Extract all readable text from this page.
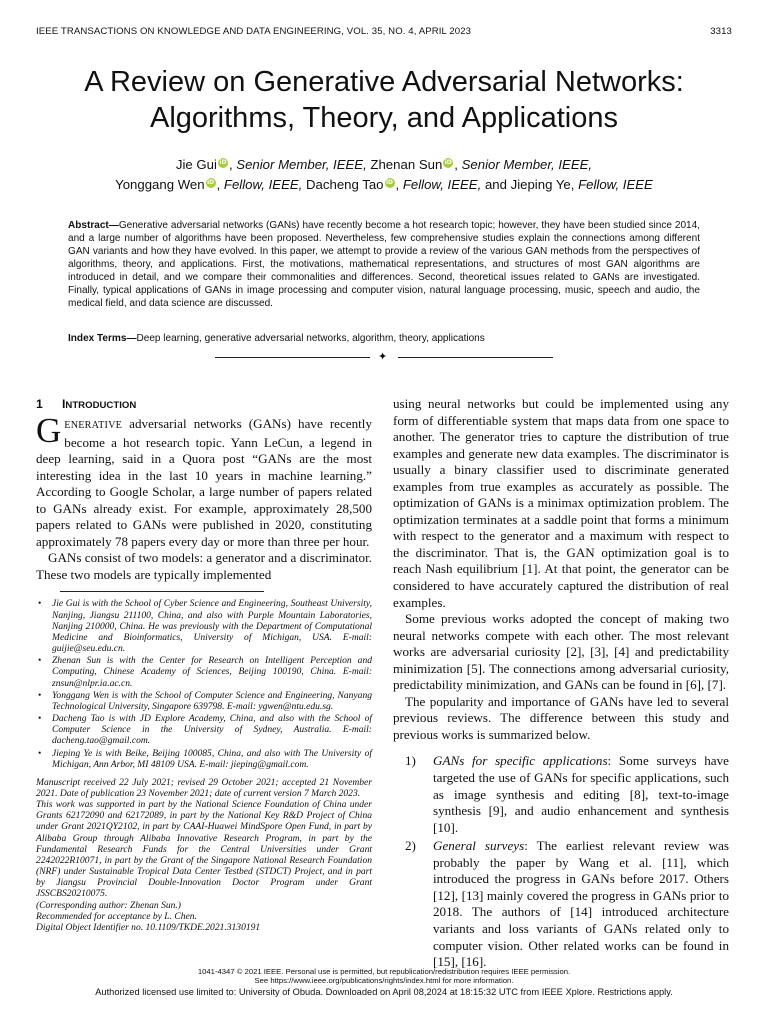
IEEE TRANSACTIONS ON KNOWLEDGE AND DATA ENGINEERING, VOL. 35, NO. 4, APRIL 2023	3313
A Review on Generative Adversarial Networks:
Algorithms, Theory, and Applications
Jie Gui iD , Senior Member, IEEE, Zhenan Sun iD , Senior Member, IEEE,
Yonggang Wen iD , Fellow, IEEE, Dacheng Tao iD , Fellow, IEEE, and Jieping Ye, Fellow, IEEE
Abstract—Generative adversarial networks (GANs) have recently become a hot research topic; however, they have been studied since 2014, and a large number of algorithms have been proposed. Nevertheless, few comprehensive studies explain the connections among different GAN variants and how they have evolved. In this paper, we attempt to provide a review of the various GAN methods from the perspectives of algorithms, theory, and applications. First, the motivations, mathematical representations, and structures of most GAN algorithms are introduced in detail, and we compare their commonalities and differences. Second, theoretical issues related to GANs are investigated. Finally, typical applications of GANs in image processing and computer vision, natural language processing, music, speech and audio, the medical field, and data science are discussed.
Index Terms—Deep learning, generative adversarial networks, algorithm, theory, applications
✦
1 INTRODUCTION

GENERATIVE adversarial networks (GANs) have recently become a hot research topic. Yann LeCun, a legend in deep learning, said in a Quora post “GANs are the most interesting idea in the last 10 years in machine learning.” According to Google Scholar, a large number of papers related to GANs already exist. For example, approximately 28,500 papers related to GANs were published in 2020, constituting approximately 78 papers every day or more than three per hour.

GANs consist of two models: a generator and a discriminator. These two models are typically implemented

• Jie Gui is with the School of Cyber Science and Engineering, Southeast University, Nanjing, Jiangsu 211100, China, and also with Purple Mountain Laboratories, Nanjing 210000, China. He was previously with the Department of Computational Medicine and Bioinformatics, University of Michigan, USA. E-mail: guijie@seu.edu.cn.
• Zhenan Sun is with the Center for Research on Intelligent Perception and Computing, Chinese Academy of Sciences, Beijing 100190, China. E-mail: znsun@nlpr.ia.ac.cn.
• Yonggang Wen is with the School of Computer Science and Engineering, Nanyang Technological University, Singapore 639798. E-mail: ygwen@ntu.edu.sg.
• Dacheng Tao is with JD Explore Academy, China, and also with the School of Computer Science in the University of Sydney, Australia. E-mail: dacheng.tao@gmail.com.
• Jieping Ye is with Beike, Beijing 100085, China, and also with The University of Michigan, Ann Arbor, MI 48109 USA. E-mail: jieping@gmail.com.
Manuscript received 22 July 2021; revised 29 October 2021; accepted 21 November 2021. Date of publication 23 November 2021; date of current version 7 March 2023.
This work was supported in part by the National Science Foundation of China under Grants 62172090 and 62172089, in part by the National Key R&D Project of China under Grant 2021QY2102, in part by CAAI-Huawei MindSpore Open Fund, in part by Alibaba Group through Alibaba Innovative Research Program, in part by the Fundamental Research Funds for the Central Universities under Grant 2242022R10071, in part by the Grant of the Singapore National Research Foundation (NRF) under Sustainable Tropical Data Center Testbed (STDCT) Project, and in part by Jiangsu Provincial Double-Innovation Doctor Program under Grant JSSCBS20210075.
(Corresponding author: Zhenan Sun.)
Recommended for acceptance by L. Chen.
Digital Object Identifier no. 10.1109/TKDE.2021.3130191

using neural networks but could be implemented using any form of differentiable system that maps data from one space to another. The generator tries to capture the distribution of true examples and generate new data examples. The discriminator is usually a binary classifier used to discriminate generated examples from true examples as accurately as possible. The optimization of GANs is a minimax optimization problem. The optimization terminates at a saddle point that forms a minimum with respect to the generator and a maximum with respect to the discriminator. That is, the GAN optimization goal is to reach Nash equilibrium [1]. At that point, the generator can be considered to have accurately captured the distribution of real examples.

Some previous works adopted the concept of making two neural networks compete with each other. The most relevant works are adversarial curiosity [2], [3], [4] and predictability minimization [5]. The connections among adversarial curiosity, predictability minimization, and GANs can be found in [6], [7].

The popularity and importance of GANs have led to several previous reviews. The difference between this study and previous works is summarized below.

1) GANs for specific applications: Some surveys have targeted the use of GANs for specific applications, such as image synthesis and editing [8], text-to-image synthesis [9], and audio enhancement and synthesis [10].
2) General surveys: The earliest relevant review was probably the paper by Wang et al. [11], which introduced the progress in GANs before 2017. Others [12], [13] mainly covered the progress in GANs prior to 2018. The authors of [14] introduced architecture variants and loss variants of GANs related only to computer vision. Other related works can be found in [15], [16].
1041-4347 © 2021 IEEE. Personal use is permitted, but republication/redistribution requires IEEE permission.
See https://www.ieee.org/publications/rights/index.html for more information.
Authorized licensed use limited to: University of Obuda. Downloaded on April 08,2024 at 18:15:32 UTC from IEEE Xplore. Restrictions apply.
